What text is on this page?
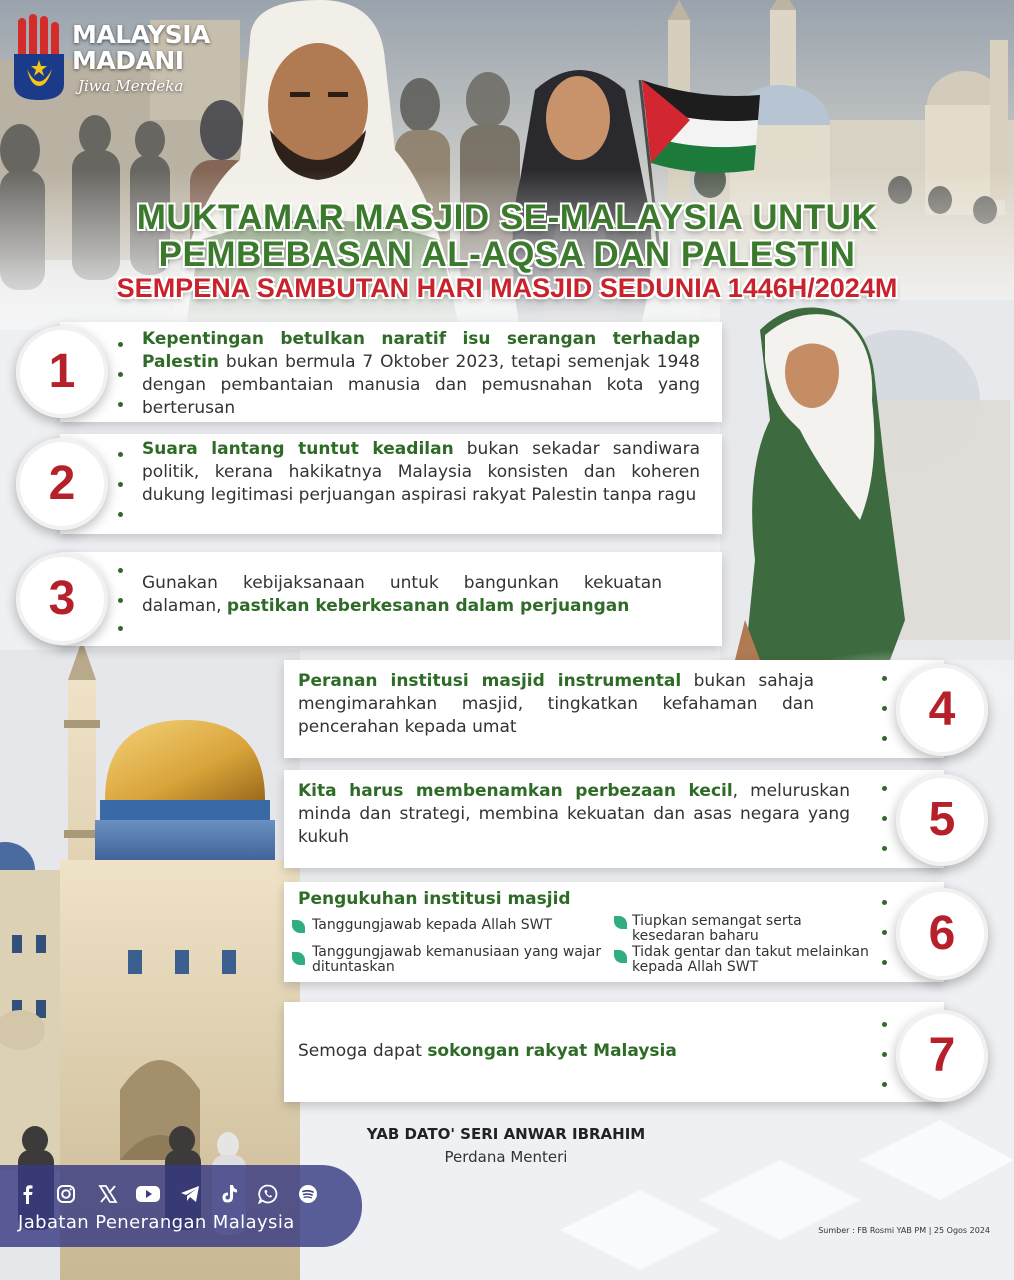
MALAYSIA
MADANI
Jiwa Merdeka
MUKTAMAR MASJID SE-MALAYSIA UNTUK
PEMBEBASAN AL-AQSA DAN PALESTIN
SEMPENA SAMBUTAN HARI MASJID SEDUNIA 1446H/2024M
1
Kepentingan betulkan naratif isu serangan terhadap Palestin bukan bermula 7 Oktober 2023, tetapi semenjak 1948 dengan pembantaian manusia dan pemusnahan kota yang berterusan
2
Suara lantang tuntut keadilan bukan sekadar sandiwara politik, kerana hakikatnya Malaysia konsisten dan koheren dukung legitimasi perjuangan aspirasi rakyat Palestin tanpa ragu
3	Gunakan kebijaksanaan untuk bangunkan kekuatan dalaman, pastikan keberkesanan dalam perjuangan
4
Peranan institusi masjid instrumental bukan sahaja mengimarahkan masjid, tingkatkan kefahaman dan pencerahan kepada umat
5
Kita harus membenamkan perbezaan kecil, meluruskan minda dan strategi, membina kekuatan dan asas negara yang kukuh
6
Pengukuhan institusi masjid
Tanggungjawab kepada Allah SWT
Tanggungjawab kemanusiaan yang wajar dituntaskan
Tiupkan semangat serta kesedaran baharu
Tidak gentar dan takut melainkan kepada Allah SWT
7
Semoga dapat sokongan rakyat Malaysia
YAB DATO' SERI ANWAR IBRAHIM
Perdana Menteri
Sumber : FB Rosmi YAB PM | 25 Ogos 2024
Jabatan Penerangan Malaysia
